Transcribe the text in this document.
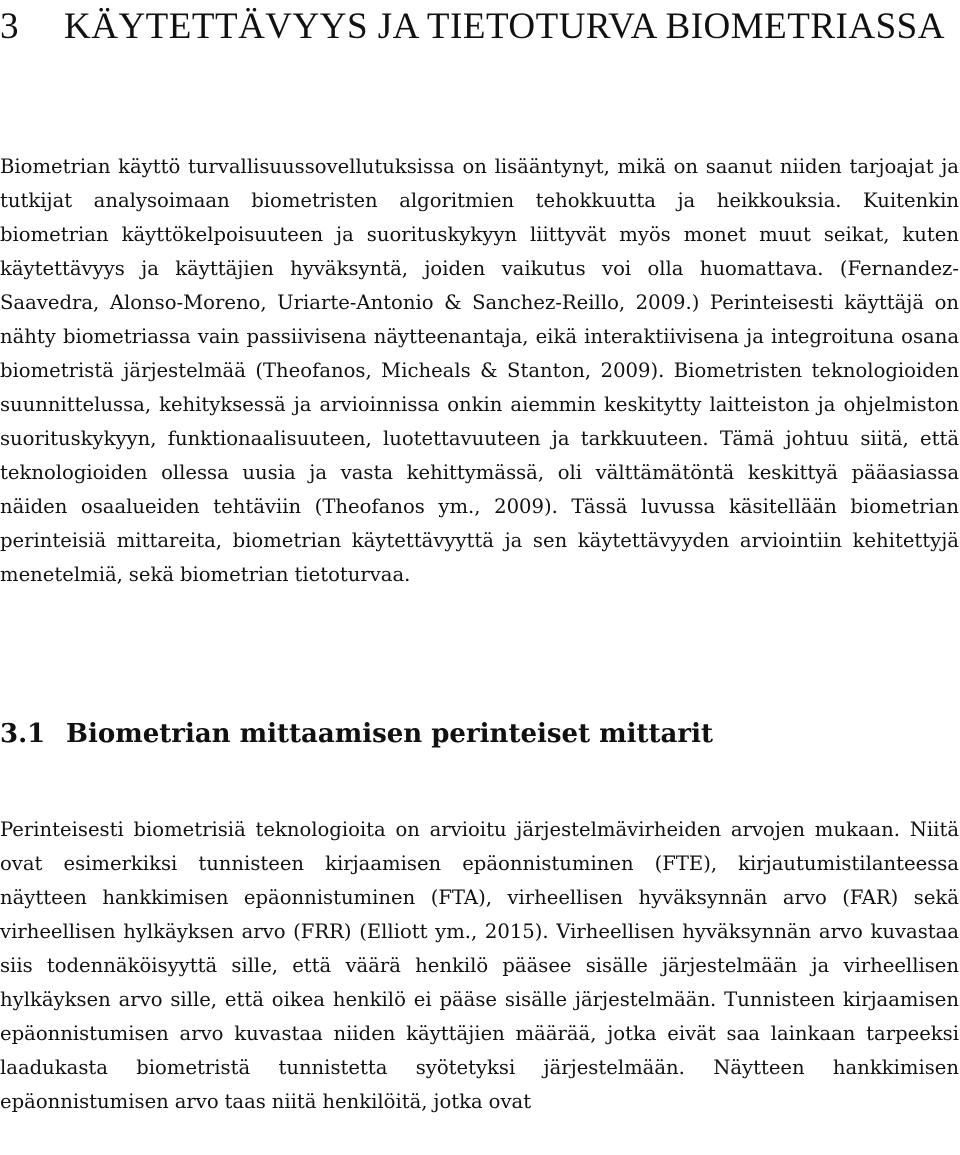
3 KÄYTETTÄVYYS JA TIETOTURVA BIOMETRIASSA

Biometrian käyttö turvallisuussovellutuksissa on lisääntynyt, mikä on saanut niiden tarjoajat ja tutkijat analysoimaan biometristen algoritmien tehokkuutta ja heikkouksia. Kuitenkin biometrian käyttökelpoisuuteen ja suorituskykyyn liittyvät myös monet muut seikat, kuten käytettävyys ja käyttäjien hyväksyntä, joiden vaikutus voi olla huomattava. (Fernandez-Saavedra, Alonso-Moreno, Uriarte-Antonio & Sanchez-Reillo, 2009.) Perinteisesti käyttäjä on nähty biometriassa vain passiivisena näytteenantaja, eikä interaktiivisena ja integroituna osana biometristä järjestelmää (Theofanos, Micheals & Stanton, 2009). Biometristen teknologioiden suunnittelussa, kehityksessä ja arvioinnissa onkin aiemmin keskitytty laitteiston ja ohjelmiston suorituskykyyn, funktionaalisuuteen, luotettavuuteen ja tarkkuuteen. Tämä johtuu siitä, että teknologioiden ollessa uusia ja vasta kehittymässä, oli välttämätöntä keskittyä pääasiassa näiden osaalueiden tehtäviin (Theofanos ym., 2009). Tässä luvussa käsitellään biometrian perinteisiä mittareita, biometrian käytettävyyttä ja sen käytettävyyden arviointiin kehitettyjä menetelmiä, sekä biometrian tietoturvaa.

3.1 Biometrian mittaamisen perinteiset mittarit

Perinteisesti biometrisiä teknologioita on arvioitu järjestelmävirheiden arvojen mukaan. Niitä ovat esimerkiksi tunnisteen kirjaamisen epäonnistuminen (FTE), kirjautumistilanteessa näytteen hankkimisen epäonnistuminen (FTA), virheellisen hyväksynnän arvo (FAR) sekä virheellisen hylkäyksen arvo (FRR) (Elliott ym., 2015). Virheellisen hyväksynnän arvo kuvastaa siis todennäköisyyttä sille, että väärä henkilö pääsee sisälle järjestelmään ja virheellisen hylkäyksen arvo sille, että oikea henkilö ei pääse sisälle järjestelmään. Tunnisteen kirjaamisen epäonnistumisen arvo kuvastaa niiden käyttäjien määrää, jotka eivät saa lainkaan tarpeeksi laadukasta biometristä tunnistetta syötetyksi järjestelmään. Näytteen hankkimisen epäonnistumisen arvo taas niitä henkilöitä, jotka ovat
